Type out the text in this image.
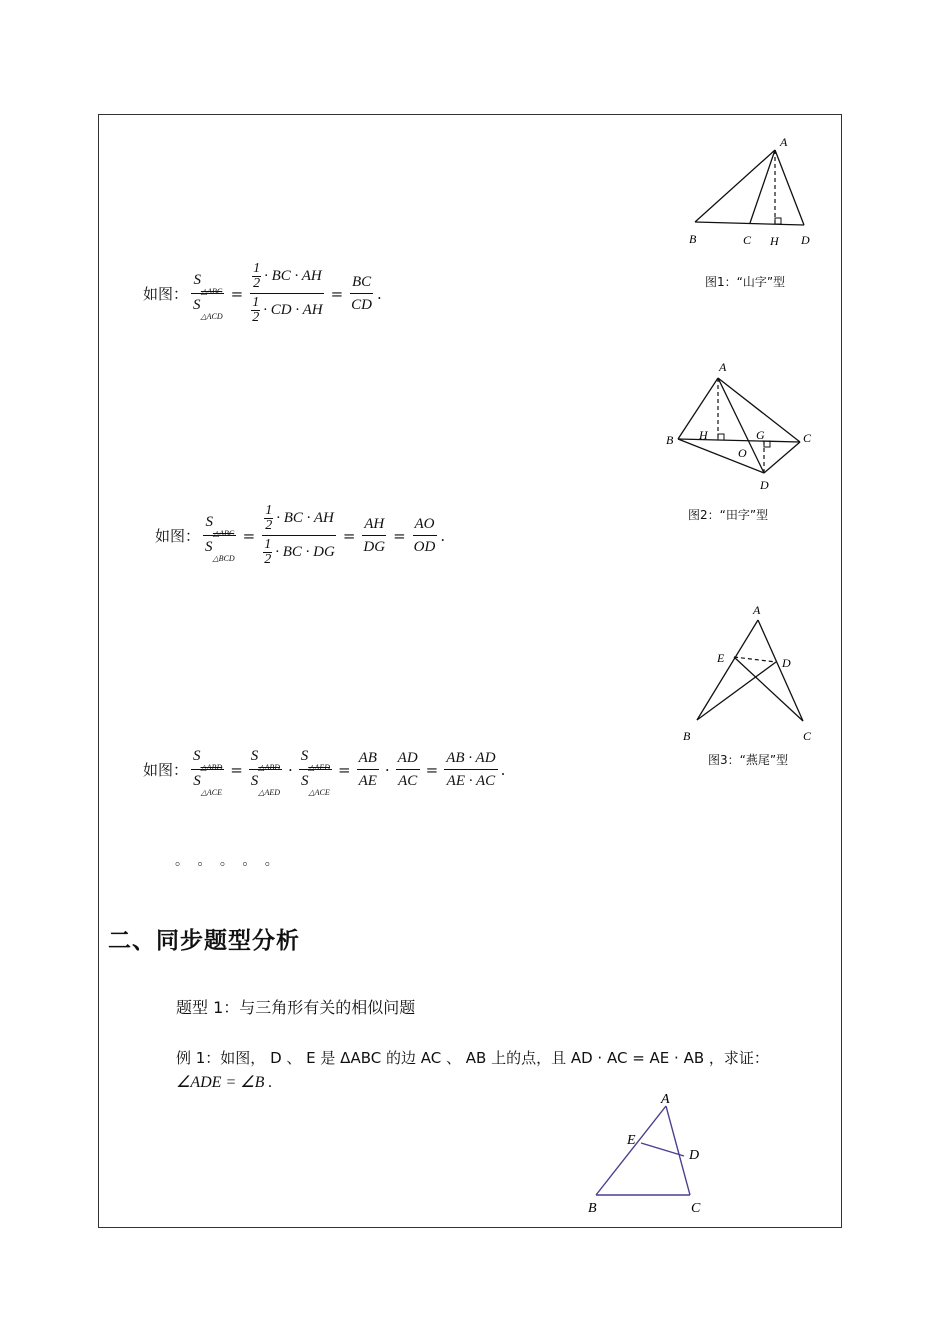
A
B	C H D
图1：“山字”型
如图： $\frac{S_{\triangle ABC}}{S_{\triangle ACD}} = \frac{\frac{1}{2} \cdot BC \cdot AH}{\frac{1}{2} \cdot CD \cdot AH} = \frac{BC}{CD}$ .
A
B H	G	C
O
D
图2：“田字”型
如图： $\frac{S_{\triangle ABC}}{S_{\triangle BCD}} = \frac{\frac{1}{2} \cdot BC \cdot AH}{\frac{1}{2} \cdot BC \cdot DG} = \frac{AH}{DG} = \frac{AO}{OD}$ .
A
E	D
B	C
图3：“燕尾”型
如图： $\frac{S_{\triangle ABD}}{S_{\triangle ACE}} = \frac{S_{\triangle ABD}}{S_{\triangle AED}} \cdot \frac{S_{\triangle AED}}{S_{\triangle ACE}} = \frac{AB}{AE} \cdot \frac{AD}{AC} = \frac{AB \cdot AD}{AE \cdot AC}$ .
。 。 。 。 。
二、同步题型分析
题型 1：与三角形有关的相似问题
例 1：如图， D 、 E 是 ΔABC 的边 AC 、 AB 上的点，且 AD · AC = AE · AB ，求证：
∠ADE = ∠B .
A
E
D
B	C
